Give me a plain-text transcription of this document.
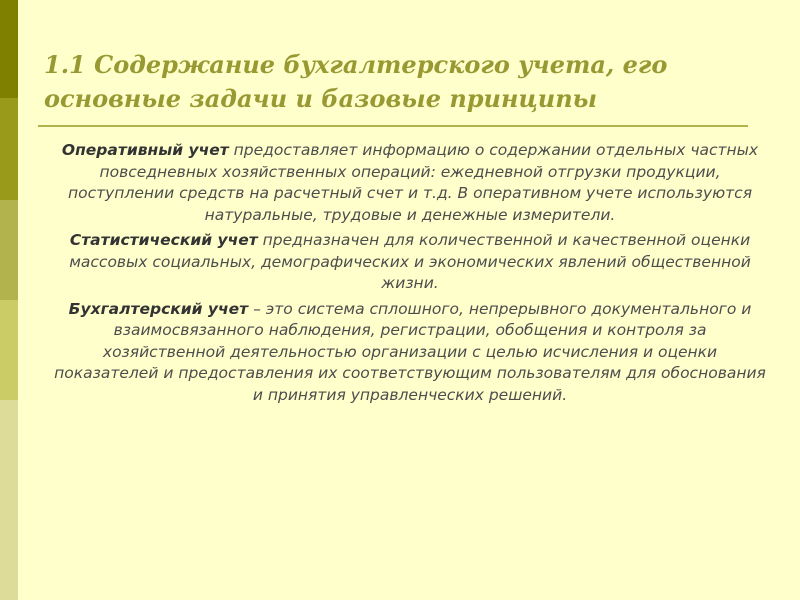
1.1 Содержание бухгалтерского учета, его основные задачи и базовые принципы

Оперативный учет предоставляет информацию о содержании отдельных частных повседневных хозяйственных операций: ежедневной отгрузки продукции, поступлении средств на расчетный счет и т.д. В оперативном учете используются натуральные, трудовые и денежные измерители.

Статистический учет предназначен для количественной и качественной оценки массовых социальных, демографических и экономических явлений общественной жизни.

Бухгалтерский учет – это система сплошного, непрерывного документального и взаимосвязанного наблюдения, регистрации, обобщения и контроля за хозяйственной деятельностью организации с целью исчисления и оценки показателей и предоставления их соответствующим пользователям для обоснования и принятия управленческих решений.
